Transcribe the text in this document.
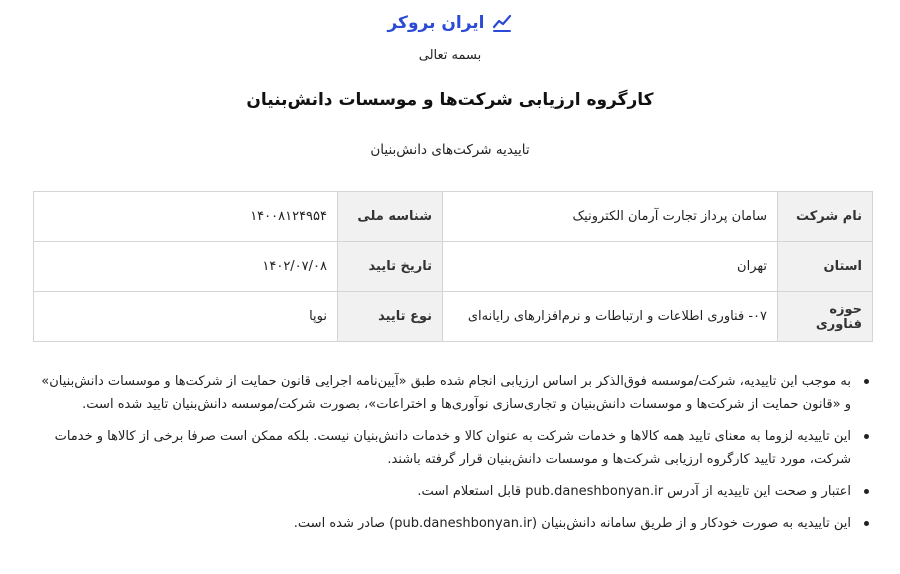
ایران بروکر
بسمه تعالی
کارگروه ارزیابی شرکت‌ها و موسسات دانش‌بنیان
تاییدیه شرکت‌های دانش‌بنیان
نام شرکت	سامان پرداز تجارت آرمان الکترونیک	شناسه ملی	۱۴۰۰۸۱۲۴۹۵۴
استان	تهران	تاریخ تایید	۱۴۰۲/۰۷/۰۸
حوزه فناوری	۰۷- فناوری اطلاعات و ارتباطات و نرم‌افزارهای رایانه‌ای	نوع تایید	نوپا
به موجب این تاییدیه، شرکت/موسسه فوق‌الذکر بر اساس ارزیابی انجام شده طبق «آیین‌نامه اجرایی قانون حمایت از شرکت‌ها و موسسات دانش‌بنیان» و «قانون حمایت از شرکت‌ها و موسسات دانش‌بنیان و تجاری‌سازی نوآوری‌ها و اختراعات»، بصورت شرکت/موسسه دانش‌بنیان تایید شده است.
این تاییدیه لزوما به معنای تایید همه کالاها و خدمات شرکت به عنوان کالا و خدمات دانش‌بنیان نیست. بلکه ممکن است صرفا برخی از کالاها و خدمات شرکت، مورد تایید کارگروه ارزیابی شرکت‌ها و موسسات دانش‌بنیان قرار گرفته باشند.
اعتبار و صحت این تاییدیه از آدرس pub.daneshbonyan.ir قابل استعلام است.
این تاییدیه به صورت خودکار و از طریق سامانه دانش‌بنیان (pub.daneshbonyan.ir) صادر شده است.
